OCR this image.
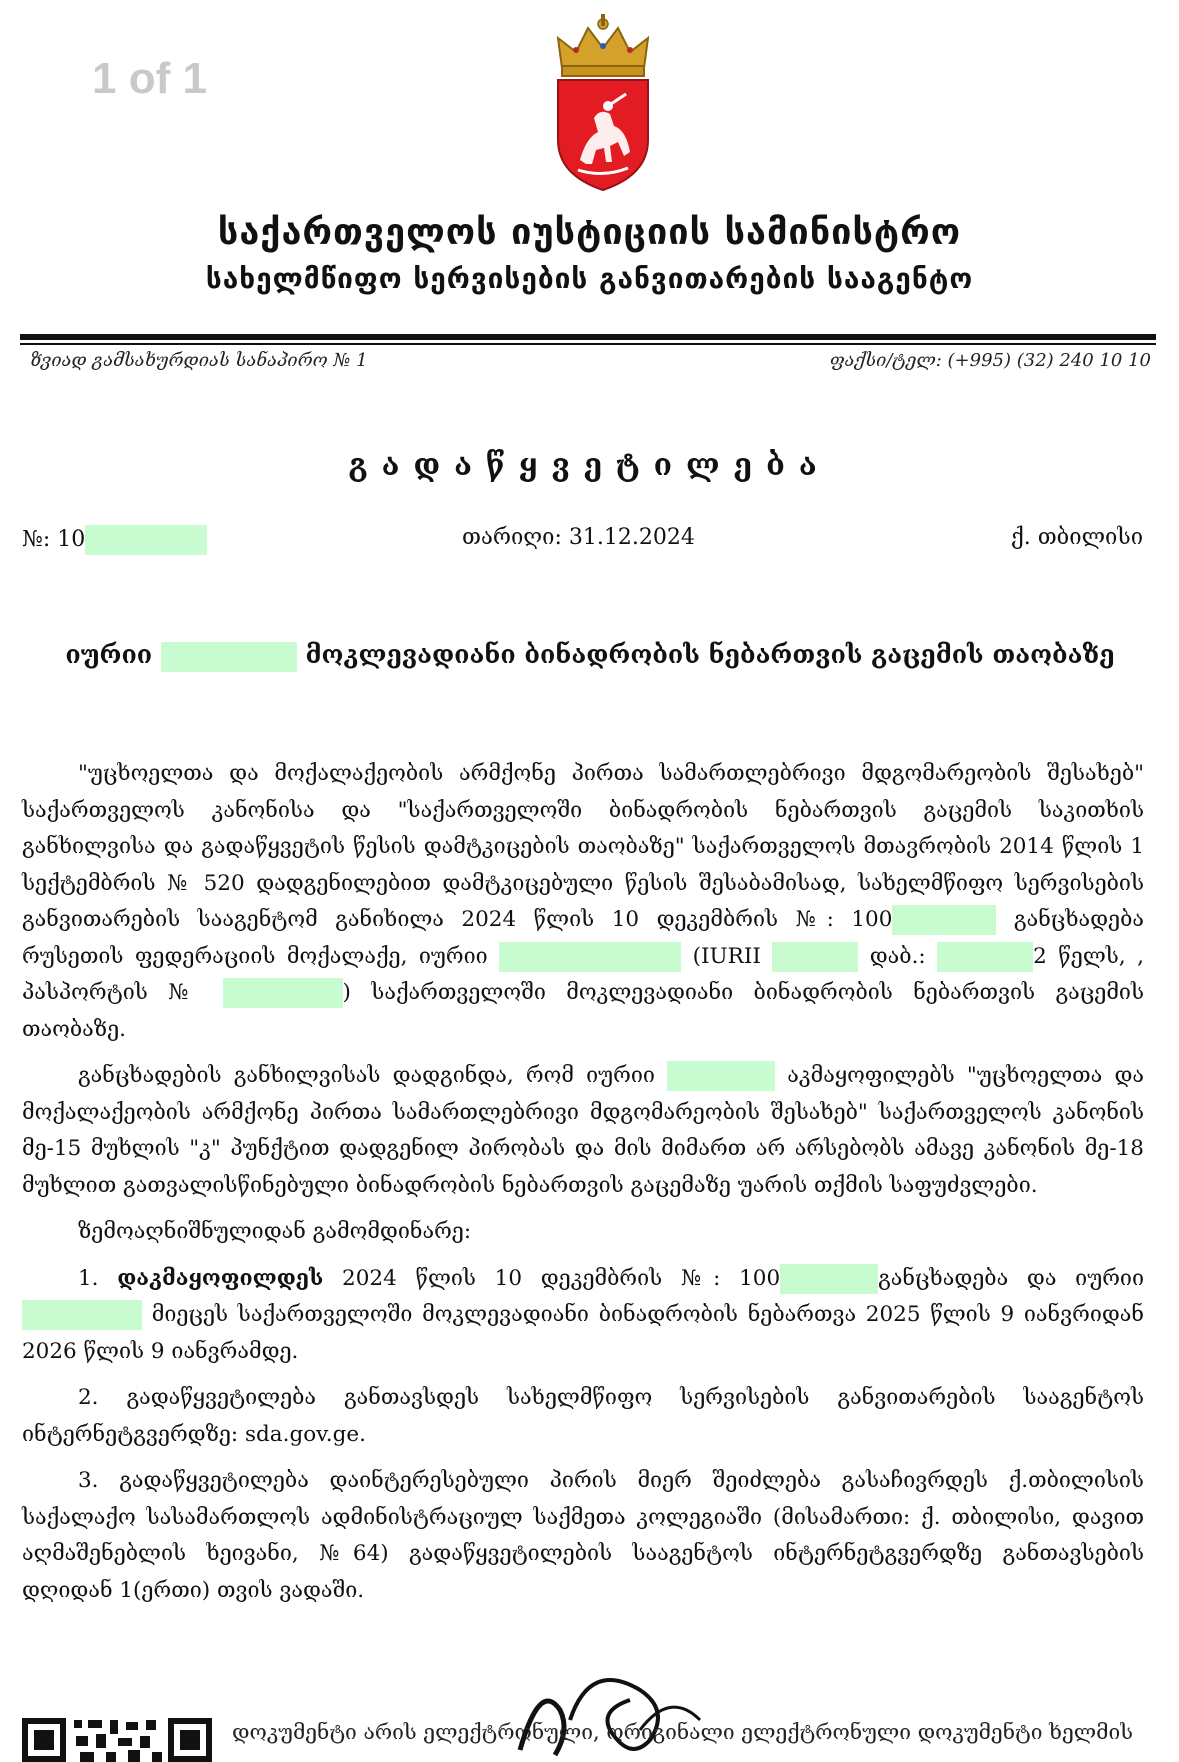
1 of 1
საქართველოს იუსტიციის სამინისტრო
სახელმწიფო სერვისების განვითარების სააგენტო
ზვიად გამსახურდიას სანაპირო № 1	ფაქსი/ტელ: (+995) (32) 240 10 10
გადაწყვეტილება
№: 10	თარიღი: 31.12.2024	ქ. თბილისი
იურიი	მოკლევადიანი ბინადრობის ნებართვის გაცემის თაობაზე

"უცხოელთა და მოქალაქეობის არმქონე პირთა სამართლებრივი მდგომარეობის შესახებ" საქართველოს კანონისა და "საქართველოში ბინადრობის ნებართვის გაცემის საკითხის განხილვისა და გადაწყვეტის წესის დამტკიცების თაობაზე" საქართველოს მთავრობის 2014 წლის 1 სექტემბრის № 520 დადგენილებით დამტკიცებული წესის შესაბამისად, სახელმწიფო სერვისების განვითარების სააგენტომ განიხილა 2024 წლის 10 დეკემბრის №: 100	განცხადება რუსეთის ფედერაციის მოქალაქე, იურიი	(IURII	დაბ.:	2 წელს, , პასპორტის №	) საქართველოში მოკლევადიანი ბინადრობის ნებართვის გაცემის თაობაზე.

განცხადების განხილვისას დადგინდა, რომ იურიი	აკმაყოფილებს "უცხოელთა და მოქალაქეობის არმქონე პირთა სამართლებრივი მდგომარეობის შესახებ" საქართველოს კანონის მე-15 მუხლის "კ" პუნქტით დადგენილ პირობას და მის მიმართ არ არსებობს ამავე კანონის მე-18 მუხლით გათვალისწინებული ბინადრობის ნებართვის გაცემაზე უარის თქმის საფუძვლები.

ზემოაღნიშნულიდან გამომდინარე:

1. დაკმაყოფილდეს 2024 წლის 10 დეკემბრის №: 100	განცხადება და იურიი  მიეცეს საქართველოში მოკლევადიანი ბინადრობის ნებართვა 2025 წლის 9 იანვრიდან 2026 წლის 9 იანვრამდე.

2. გადაწყვეტილება განთავსდეს სახელმწიფო სერვისების განვითარების სააგენტოს ინტერნეტგვერდზე: sda.gov.ge.

3. გადაწყვეტილება დაინტერესებული პირის მიერ შეიძლება გასაჩივრდეს ქ.თბილისის საქალაქო სასამართლოს ადმინისტრაციულ საქმეთა კოლეგიაში (მისამართი: ქ. თბილისი, დავით აღმაშენებლის ხეივანი, №64) გადაწყვეტილების სააგენტოს ინტერნეტგვერდზე განთავსების დღიდან 1(ერთი) თვის ვადაში.

დოკუმენტი არის ელექტრონული, ორიგინალი ელექტრონული დოკუმენტი ხელმის
